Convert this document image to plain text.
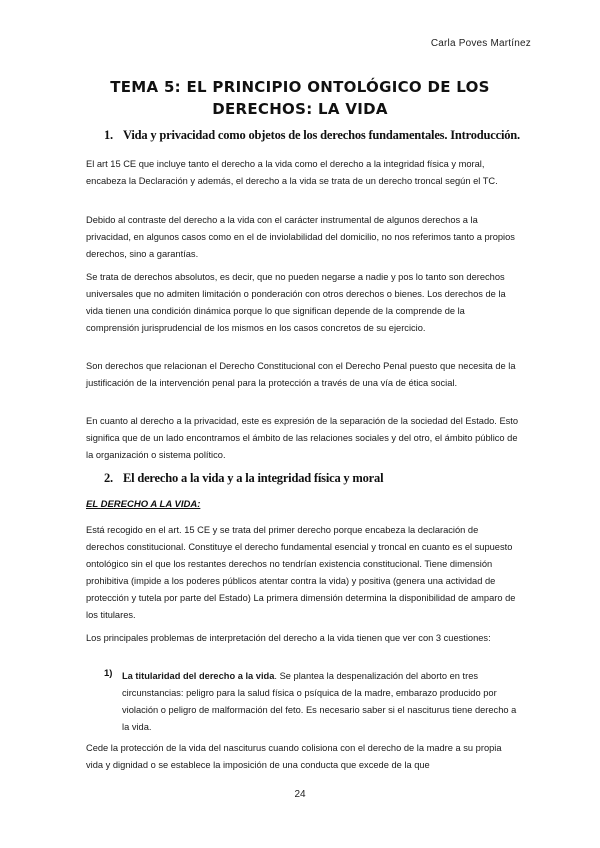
Carla Poves Martínez
TEMA 5: EL PRINCIPIO ONTOLÓGICO DE LOS DERECHOS: LA VIDA
1. Vida y privacidad como objetos de los derechos fundamentales. Introducción.

El art 15 CE que incluye tanto el derecho a la vida como el derecho a la integridad física y moral, encabeza la Declaración y además, el derecho a la vida se trata de un derecho troncal según el TC.

Debido al contraste del derecho a la vida con el carácter instrumental de algunos derechos a la privacidad, en algunos casos como en el de inviolabilidad del domicilio, no nos referimos tanto a propios derechos, sino a garantías.

Se trata de derechos absolutos, es decir, que no pueden negarse a nadie y pos lo tanto son derechos universales que no admiten limitación o ponderación con otros derechos o bienes. Los derechos de la vida tienen una condición dinámica porque lo que significan depende de la comprende de la comprensión jurisprudencial de los mismos en los casos concretos de su ejercicio.

Son derechos que relacionan el Derecho Constitucional con el Derecho Penal puesto que necesita de la justificación de la intervención penal para la protección a través de una vía de ética social.

En cuanto al derecho a la privacidad, este es expresión de la separación de la sociedad del Estado. Esto significa que de un lado encontramos el ámbito de las relaciones sociales y del otro, el ámbito público de la organización o sistema político.

2. El derecho a la vida y a la integridad física y moral
EL DERECHO A LA VIDA:

Está recogido en el art. 15 CE y se trata del primer derecho porque encabeza la declaración de derechos constitucional. Constituye el derecho fundamental esencial y troncal en cuanto es el supuesto ontológico sin el que los restantes derechos no tendrían existencia constitucional. Tiene dimensión prohibitiva (impide a los poderes públicos atentar contra la vida) y positiva (genera una actividad de protección y tutela por parte del Estado) La primera dimensión determina la disponibilidad de amparo de los titulares.

Los principales problemas de interpretación del derecho a la vida tienen que ver con 3 cuestiones:

1) La titularidad del derecho a la vida. Se plantea la despenalización del aborto en tres circunstancias: peligro para la salud física o psíquica de la madre, embarazo producido por violación o peligro de malformación del feto. Es necesario saber si el nasciturus tiene derecho a la vida.

Cede la protección de la vida del nasciturus cuando colisiona con el derecho de la madre a su propia vida y dignidad o se establece la imposición de una conducta que excede de la que

24
